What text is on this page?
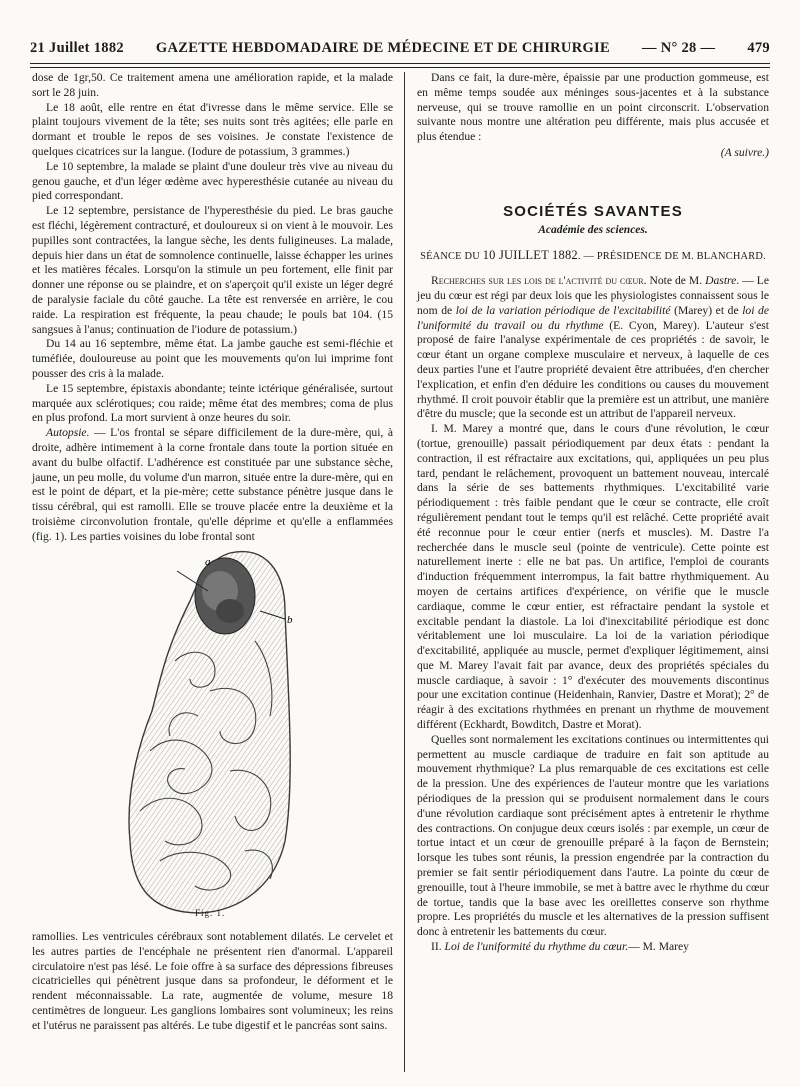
21 Juillet 1882 GAZETTE HEBDOMADAIRE DE MÉDECINE ET DE CHIRURGIE — N° 28 — 479

dose de 1gr,50. Ce traitement amena une amélioration rapide, et la malade sort le 28 juin.

Le 18 août, elle rentre en état d'ivresse dans le même service. Elle se plaint toujours vivement de la tête; ses nuits sont très agitées; elle parle en dormant et trouble le repos de ses voisines. Je constate l'existence de quelques cicatrices sur la langue. (Iodure de potassium, 3 grammes.)

Le 10 septembre, la malade se plaint d'une douleur très vive au niveau du genou gauche, et d'un léger œdème avec hyperesthésie cutanée au niveau du pied correspondant.

Le 12 septembre, persistance de l'hyperesthésie du pied. Le bras gauche est fléchi, légèrement contracturé, et douloureux si on vient à le mouvoir. Les pupilles sont contractées, la langue sèche, les dents fuligineuses. La malade, depuis hier dans un état de somnolence continuelle, laisse échapper les urines et les matières fécales. Lorsqu'on la stimule un peu fortement, elle finit par donner une réponse ou se plaindre, et on s'aperçoit qu'il existe un léger degré de paralysie faciale du côté gauche. La tête est renversée en arrière, le cou raide. La respiration est fréquente, la peau chaude; le pouls bat 104. (15 sangsues à l'anus; continuation de l'iodure de potassium.)

Du 14 au 16 septembre, même état. La jambe gauche est semi-fléchie et tuméfiée, douloureuse au point que les mouvements qu'on lui imprime font pousser des cris à la malade.

Le 15 septembre, épistaxis abondante; teinte ictérique généralisée, surtout marquée aux sclérotiques; cou raide; même état des membres; coma de plus en plus profond. La mort survient à onze heures du soir.

Autopsie. — L'os frontal se sépare difficilement de la dure-mère, qui, à droite, adhère intimement à la corne frontale dans toute la portion située en avant du bulbe olfactif. L'adhérence est constituée par une substance sèche, jaune, un peu molle, du volume d'un marron, située entre la dure-mère, qui en est le point de départ, et la pie-mère; cette substance pénètre jusque dans le tissu cérébral, qui est ramolli. Elle se trouve placée entre la deuxième et la troisième circonvolution frontale, qu'elle déprime et qu'elle a enflammées (fig. 1). Les parties voisines du lobe frontal sont

a
b
Fig. 1.

ramollies. Les ventricules cérébraux sont notablement dilatés. Le cervelet et les autres parties de l'encéphale ne présentent rien d'anormal. L'appareil circulatoire n'est pas lésé. Le foie offre à sa surface des dépressions fibreuses cicatricielles qui pénètrent jusque dans sa profondeur, le déforment et le rendent méconnaissable. La rate, augmentée de volume, mesure 18 centimètres de longueur. Les ganglions lombaires sont volumineux; les reins et l'utérus ne paraissent pas altérés. Le tube digestif et le pancréas sont sains.

Dans ce fait, la dure-mère, épaissie par une production gommeuse, est en même temps soudée aux méninges sous-jacentes et à la substance nerveuse, qui se trouve ramollie en un point circonscrit. L'observation suivante nous montre une altération peu différente, mais plus accusée et plus étendue :

(A suivre.)
SOCIÉTÉS SAVANTES
Académie des sciences.
SÉANCE DU 10 JUILLET 1882. — PRÉSIDENCE DE M. BLANCHARD.

Recherches sur les lois de l'activité du cœur. Note de M. Dastre. — Le jeu du cœur est régi par deux lois que les physiologistes connaissent sous le nom de loi de la variation périodique de l'excitabilité (Marey) et de loi de l'uniformité du travail ou du rhythme (E. Cyon, Marey). L'auteur s'est proposé de faire l'analyse expérimentale de ces propriétés : de savoir, le cœur étant un organe complexe musculaire et nerveux, à laquelle de ces deux parties l'une et l'autre propriété devaient être attribuées, d'en chercher l'explication, et enfin d'en déduire les conditions ou causes du mouvement rhythmé. Il croit pouvoir établir que la première est un attribut, une manière d'être du muscle; que la seconde est un attribut de l'appareil nerveux.

I. M. Marey a montré que, dans le cours d'une révolution, le cœur (tortue, grenouille) passait périodiquement par deux états : pendant la contraction, il est réfractaire aux excitations, qui, appliquées un peu plus tard, pendant le relâchement, provoquent un battement nouveau, intercalé dans la série de ses battements rhythmiques. L'excitabilité varie périodiquement : très faible pendant que le cœur se contracte, elle croît régulièrement pendant tout le temps qu'il est relâché. Cette propriété avait été reconnue pour le cœur entier (nerfs et muscles). M. Dastre l'a recherchée dans le muscle seul (pointe de ventricule). Cette pointe est naturellement inerte : elle ne bat pas. Un artifice, l'emploi de courants d'induction fréquemment interrompus, la fait battre rhythmiquement. Au moyen de certains artifices d'expérience, on vérifie que le muscle cardiaque, comme le cœur entier, est réfractaire pendant la systole et excitable pendant la diastole. La loi d'inexcitabilité périodique est donc véritablement une loi musculaire. La loi de la variation périodique d'excitabilité, appliquée au muscle, permet d'expliquer légitimement, ainsi que M. Marey l'avait fait par avance, deux des propriétés spéciales du muscle cardiaque, à savoir : 1° d'exécuter des mouvements discontinus pour une excitation continue (Heidenhain, Ranvier, Dastre et Morat); 2° de réagir à des excitations rhythmées en prenant un rhythme de mouvement différent (Eckhardt, Bowditch, Dastre et Morat).

Quelles sont normalement les excitations continues ou intermittentes qui permettent au muscle cardiaque de traduire en fait son aptitude au mouvement rhythmique? La plus remarquable de ces excitations est celle de la pression. Une des expériences de l'auteur montre que les variations périodiques de la pression qui se produisent normalement dans le cours d'une révolution cardiaque sont précisément aptes à entretenir le rhythme des contractions. On conjugue deux cœurs isolés : par exemple, un cœur de tortue intact et un cœur de grenouille préparé à la façon de Bernstein; lorsque les tubes sont réunis, la pression engendrée par la contraction du premier se fait sentir périodiquement dans l'autre. La pointe du cœur de grenouille, tout à l'heure immobile, se met à battre avec le rhythme du cœur de tortue, tandis que la base avec les oreillettes conserve son rhythme propre. Les propriétés du muscle et les alternatives de la pression suffisent donc à entretenir les battements du cœur.

II. Loi de l'uniformité du rhythme du cœur.— M. Marey
